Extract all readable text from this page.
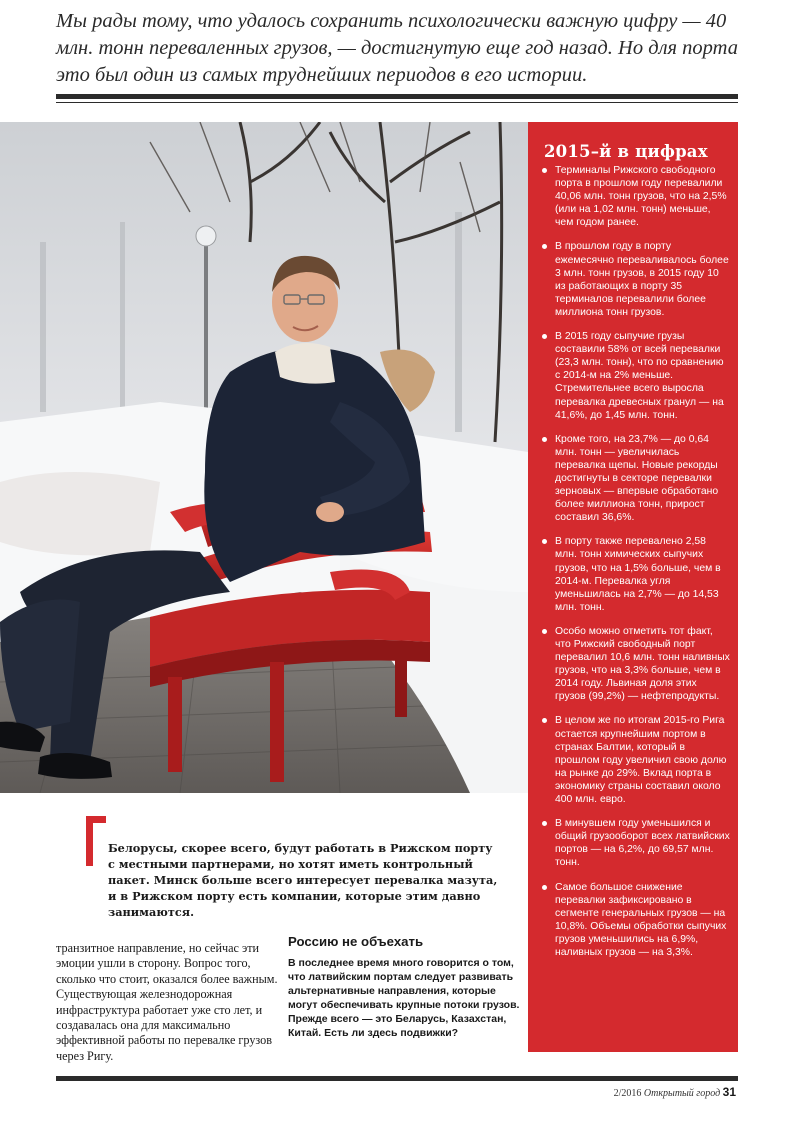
Мы рады тому, что удалось сохранить психологически важную цифру — 40 млн. тонн переваленных грузов, — достигнутую еще год назад. Но для порта это был один из самых труднейших периодов в его истории.
2015–й в цифрах
Терминалы Рижского свободного порта в прошлом году перевалили 40,06 млн. тонн грузов, что на 2,5% (или на 1,02 млн. тонн) меньше, чем годом ранее.
В прошлом году в порту ежемесячно переваливалось более 3 млн. тонн грузов, в 2015 году 10 из работающих в порту 35 терминалов перевалили более миллиона тонн грузов.
В 2015 году сыпучие грузы составили 58% от всей перевалки (23,3 млн. тонн), что по сравнению с 2014-м на 2% меньше. Стремительнее всего выросла перевалка древесных гранул — на 41,6%, до 1,45 млн. тонн.
Кроме того, на 23,7% — до 0,64 млн. тонн — увеличилась перевалка щепы. Новые рекорды достигнуты в секторе перевалки зерновых — впервые обработано более миллиона тонн, прирост составил 36,6%.
В порту также перевалено 2,58 млн. тонн химических сыпучих грузов, что на 1,5% больше, чем в 2014-м. Перевалка угля уменьшилась на 2,7% — до 14,53 млн. тонн.
Особо можно отметить тот факт, что Рижский свободный порт перевалил 10,6 млн. тонн наливных грузов, что на 3,3% больше, чем в 2014 году. Львиная доля этих грузов (99,2%) — нефтепродукты.
В целом же по итогам 2015-го Рига остается крупнейшим портом в странах Балтии, который в прошлом году увеличил свою долю на рынке до 29%. Вклад порта в экономику страны составил около 400 млн. евро.
В минувшем году уменьшился и общий грузооборот всех латвийских портов — на 6,2%, до 69,57 млн. тонн.
Самое большое снижение перевалки зафиксировано в сегменте генеральных грузов — на 10,8%. Объемы обработки сыпучих грузов уменьшились на 6,9%, наливных грузов — на 3,3%.
Белорусы, скорее всего, будут работать в Рижском порту с местными партнерами, но хотят иметь контрольный пакет. Минск больше всего интересует перевалка мазута, и в Рижском порту есть компании, которые этим давно занимаются.
транзитное направление, но сейчас эти эмоции ушли в сторону. Вопрос того, сколько что стоит, оказался более важным. Существующая железнодорожная инфраструктура работает уже сто лет, и создавалась она для максимально эффективной работы по перевалке грузов через Ригу.
Россию не объехать
В последнее время много говорится о том, что латвийским портам следует развивать альтернативные направления, которые могут обеспечивать крупные потоки грузов. Прежде всего — это Беларусь, Казахстан, Китай. Есть ли здесь подвижки?
2/2016 Открытый город 31
